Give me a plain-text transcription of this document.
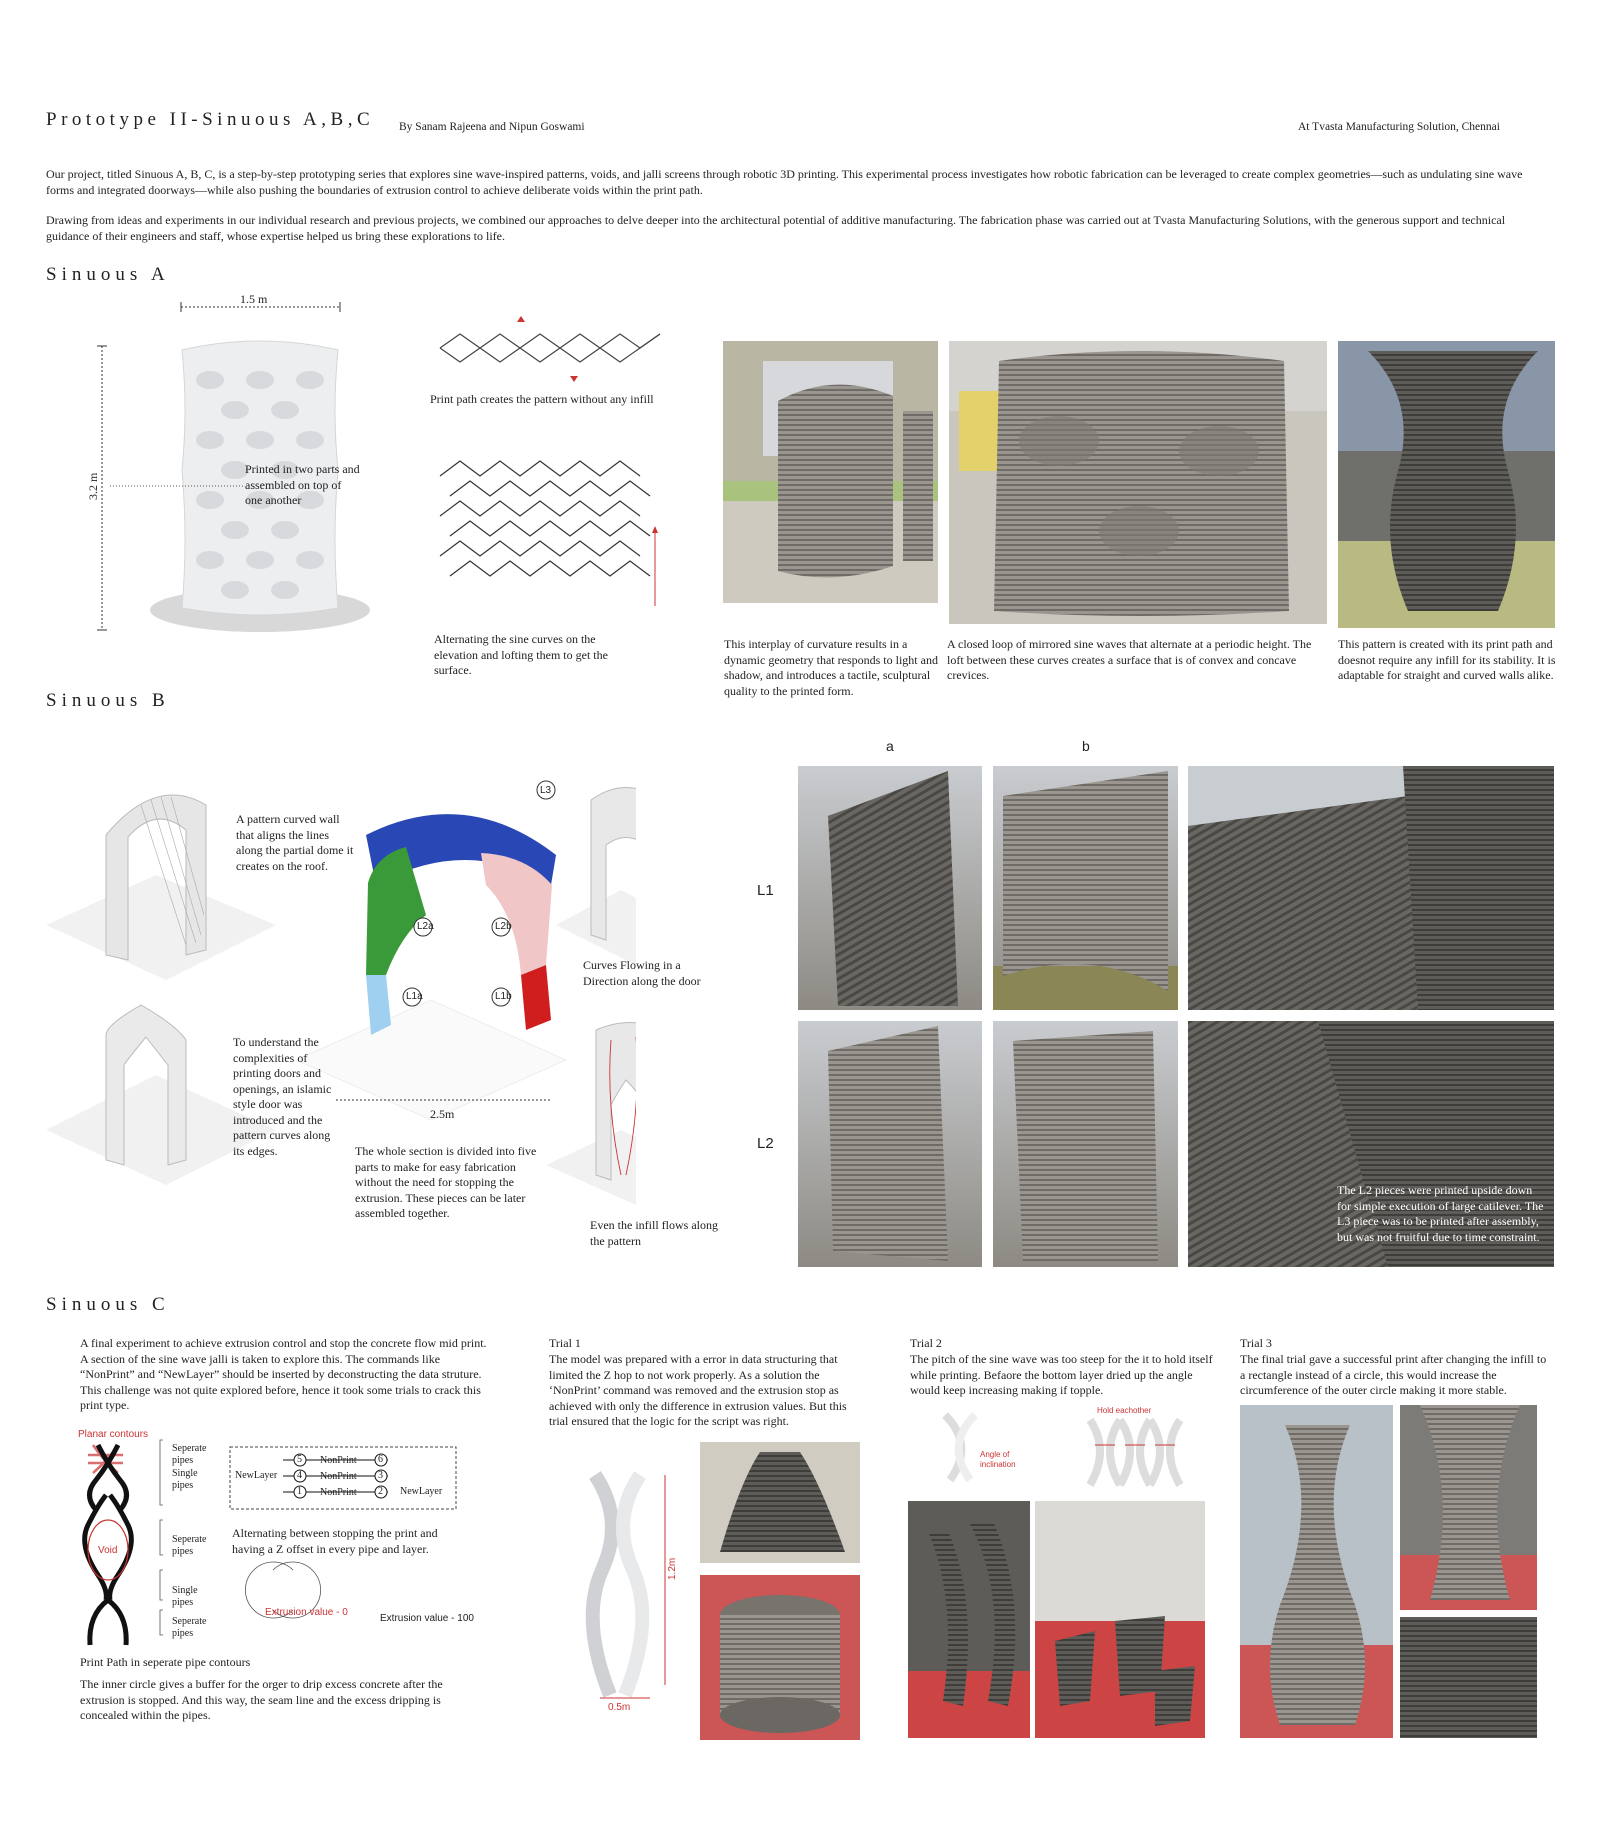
Prototype II-Sinuous A,B,C By Sanam Rajeena and Nipun Goswami	At Tvasta Manufacturing Solution, Chennai
Our project, titled Sinuous A, B, C, is a step-by-step prototyping series that explores sine wave-inspired patterns, voids, and jalli screens through robotic 3D printing. This experimental process investigates how robotic fabrication can be leveraged to create complex geometries—such as undulating sine wave forms and integrated doorways—while also pushing the boundaries of extrusion control to achieve deliberate voids within the print path.
Drawing from ideas and experiments in our individual research and previous projects, we combined our approaches to delve deeper into the architectural potential of additive manufacturing. The fabrication phase was carried out at Tvasta Manufacturing Solutions, with the generous support and technical guidance of their engineers and staff, whose expertise helped us bring these explorations to life.
Sinuous A
1.5 m
3.2 m
Printed in two parts and assembled on top of one another
Print path creates the pattern without any infill
Alternating the sine curves on the elevation and lofting them to get the surface.
This interplay of curvature results in a dynamic geometry that responds to light and shadow, and introduces a tactile, sculptural quality to the printed form.
A closed loop of mirrored sine waves that alternate at a periodic height. The loft between these curves creates a surface that is of convex and concave crevices.
This pattern is created with its print path and doesnot require any infill for its stability. It is adaptable for straight and curved walls alike.
Sinuous B
L3
L2a	L2b
L1a	L1b
A pattern curved wall that aligns the lines along the partial dome it creates on the roof.
To understand the complexities of printing doors and openings, an islamic style door was introduced and the pattern curves along its edges.
2.5m
The whole section is divided into five parts to make for easy fabrication without the need for stopping the extrusion. These pieces can be later assembled together.
Curves Flowing in a Direction along the door
Even the infill flows along the pattern
a	b
L1
L2
The L2 pieces were printed upside down for simple execution of large catilever. The L3 piece was to be printed after assembly, but was not fruitful due to time constraint.
Sinuous C
A final experiment to achieve extrusion control and stop the concrete flow mid print. A section of the sine wave jalli is taken to explore this. The commands like “NonPrint” and “NewLayer” should be inserted by deconstructing the data struture. This challenge was not quite explored before, hence it took some trials to crack this print type.
Planar contours
Void
Seperate pipes
Single pipes
Seperate pipes
Single pipes
Seperate pipes
NewLayer
NewLayer
NonPrint
NonPrint
NonPrint
5	6
4	3
1	2
Alternating between stopping the print and having a Z offset in every pipe and layer.
Extrusion value - 0
Extrusion value - 100
Print Path in seperate pipe contours
The inner circle gives a buffer for the orger to drip excess concrete after the extrusion is stopped. And this way, the seam line and the excess dripping is concealed within the pipes.
Trial 1
The model was prepared with a error in data structuring that limited the Z hop to not work properly. As a solution the ‘NonPrint’ command was removed and the extrusion stop as achieved with only the difference in extrusion values. But this trial ensured that the logic for the script was right.
1.2m
0.5m
Trial 2
The pitch of the sine wave was too steep for the it to hold itself while printing. Befaore the bottom layer dried up the angle would keep increasing making if topple.
Angle of inclination
Hold eachother
Trial 3
The final trial gave a successful print after changing the infill to a rectangle instead of a circle, this would increase the circumference of the outer circle making it more stable.
